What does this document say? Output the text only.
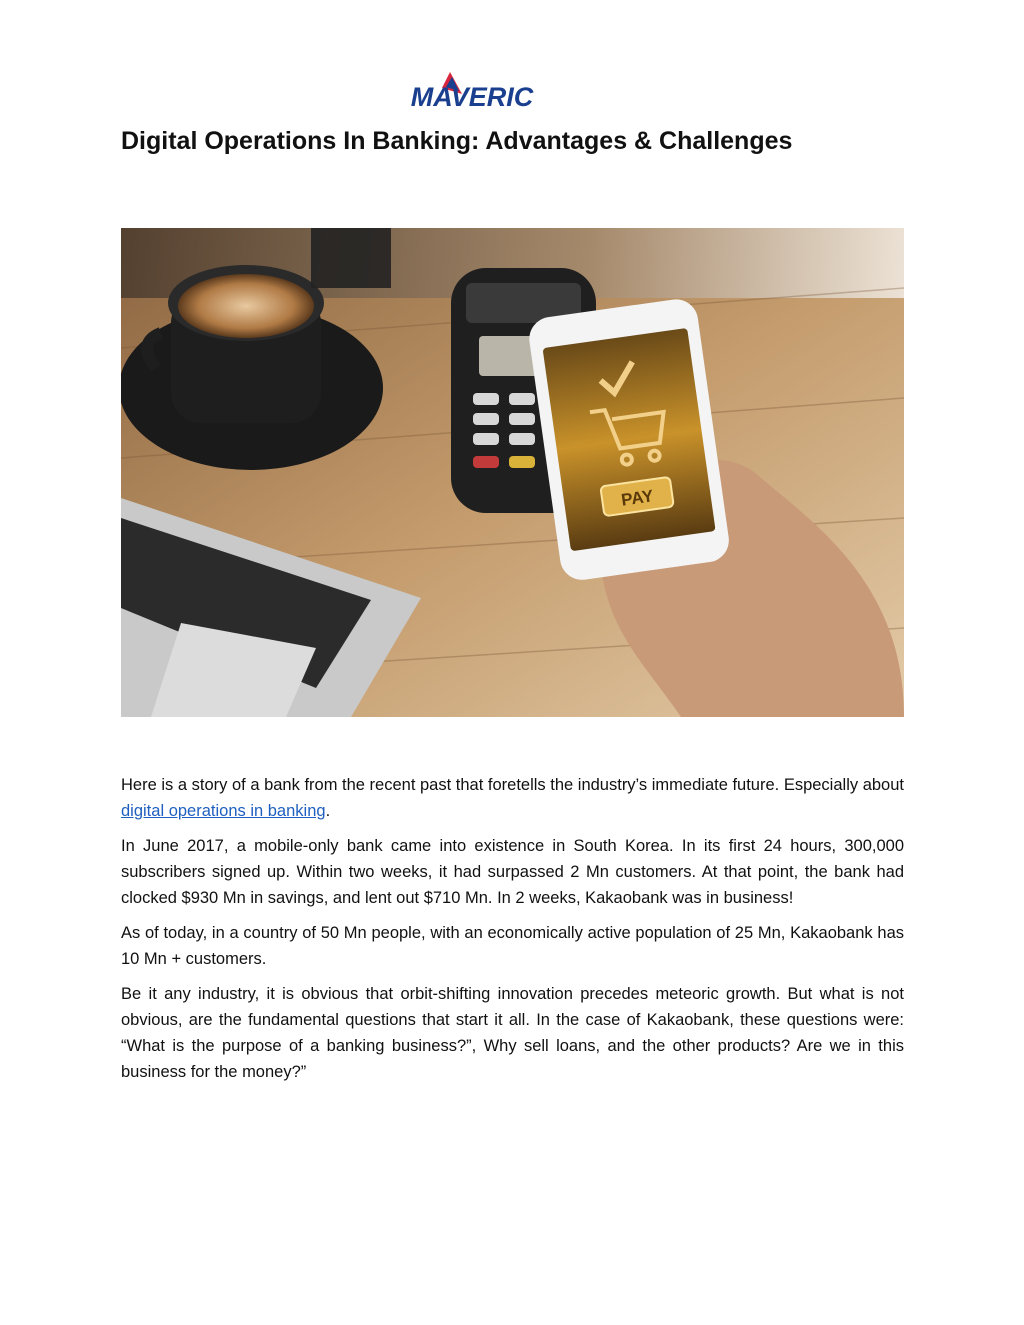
MAVERIC
Digital Operations In Banking: Advantages & Challenges
PAY

Here is a story of a bank from the recent past that foretells the industry’s immediate future. Especially about digital operations in banking.

In June 2017, a mobile-only bank came into existence in South Korea. In its first 24 hours, 300,000 subscribers signed up. Within two weeks, it had surpassed 2 Mn customers. At that point, the bank had clocked $930 Mn in savings, and lent out $710 Mn. In 2 weeks, Kakaobank was in business!

As of today, in a country of 50 Mn people, with an economically active population of 25 Mn, Kakaobank has 10 Mn + customers.

Be it any industry, it is obvious that orbit-shifting innovation precedes meteoric growth. But what is not obvious, are the fundamental questions that start it all. In the case of Kakaobank, these questions were: “What is the purpose of a banking business?”, Why sell loans, and the other products? Are we in this business for the money?”
